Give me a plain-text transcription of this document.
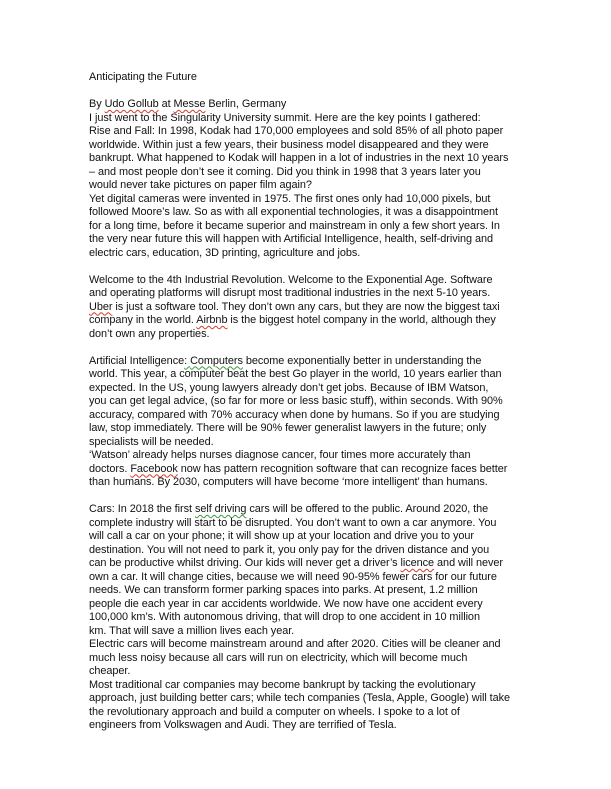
Anticipating the Future
By Udo Gollub at Messe Berlin, Germany
I just went to the Singularity University summit. Here are the key points I gathered:
Rise and Fall: In 1998, Kodak had 170,000 employees and sold 85% of all photo paper
worldwide. Within just a few years, their business model disappeared and they were
bankrupt. What happened to Kodak will happen in a lot of industries in the next 10 years
– and most people don’t see it coming. Did you think in 1998 that 3 years later you
would never take pictures on paper film again?
Yet digital cameras were invented in 1975. The first ones only had 10,000 pixels, but
followed Moore’s law. So as with all exponential technologies, it was a disappointment
for a long time, before it became superior and mainstream in only a few short years. In
the very near future this will happen with Artificial Intelligence, health, self-driving and
electric cars, education, 3D printing, agriculture and jobs.
Welcome to the 4th Industrial Revolution. Welcome to the Exponential Age. Software
and operating platforms will disrupt most traditional industries in the next 5-10 years.
Uber is just a software tool. They don’t own any cars, but they are now the biggest taxi
company in the world. Airbnb is the biggest hotel company in the world, although they
don’t own any properties.
Artificial Intelligence: Computers become exponentially better in understanding the
world. This year, a computer beat the best Go player in the world, 10 years earlier than
expected. In the US, young lawyers already don’t get jobs. Because of IBM Watson,
you can get legal advice, (so far for more or less basic stuff), within seconds. With 90%
accuracy, compared with 70% accuracy when done by humans. So if you are studying
law, stop immediately. There will be 90% fewer generalist lawyers in the future; only
specialists will be needed.
‘Watson’ already helps nurses diagnose cancer, four times more accurately than
doctors. Facebook now has pattern recognition software that can recognize faces better
than humans. By 2030, computers will have become ‘more intelligent’ than humans.
Cars: In 2018 the first self driving cars will be offered to the public. Around 2020, the
complete industry will start to be disrupted. You don’t want to own a car anymore. You
will call a car on your phone; it will show up at your location and drive you to your
destination. You will not need to park it, you only pay for the driven distance and you
can be productive whilst driving. Our kids will never get a driver’s licence and will never
own a car. It will change cities, because we will need 90-95% fewer cars for our future
needs. We can transform former parking spaces into parks. At present, 1.2 million
people die each year in car accidents worldwide. We now have one accident every
100,000 km’s. With autonomous driving, that will drop to one accident in 10 million
km. That will save a million lives each year.
Electric cars will become mainstream around and after 2020. Cities will be cleaner and
much less noisy because all cars will run on electricity, which will become much
cheaper.
Most traditional car companies may become bankrupt by tacking the evolutionary
approach, just building better cars; while tech companies (Tesla, Apple, Google) will take
the revolutionary approach and build a computer on wheels. I spoke to a lot of
engineers from Volkswagen and Audi. They are terrified of Tesla.
